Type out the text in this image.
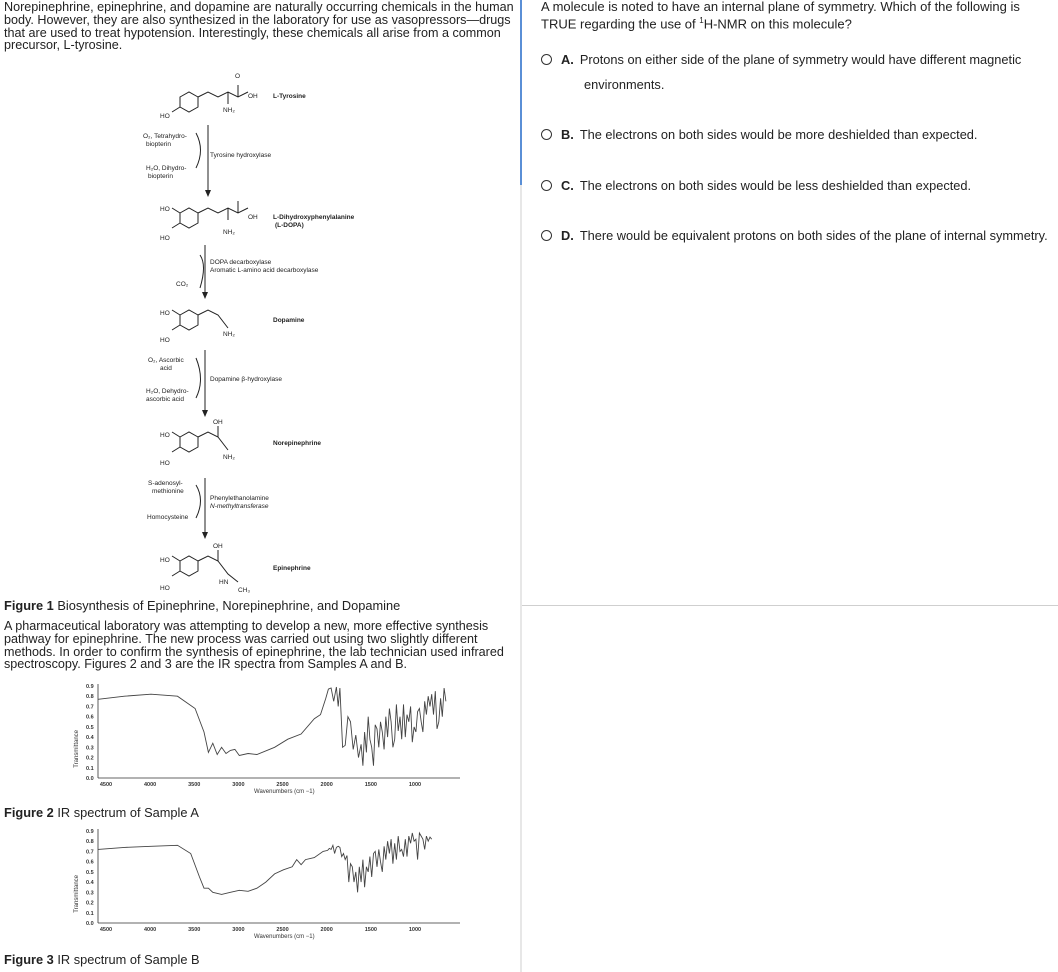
Norepinephrine, epinephrine, and dopamine are naturally occurring chemicals in the human body. However, they are also synthesized in the laboratory for use as vasopressors—drugs that are used to treat hypotension. Interestingly, these chemicals all arise from a common precursor, L-tyrosine.
O
OH
NH₂
HO
L-Tyrosine
O₂, Tetrahydro-
biopterin
Tyrosine hydroxylase
H₂O, Dihydro-
biopterin
HO
HO
OH
NH₂
L-Dihydroxyphenylalanine
(L-DOPA)
DOPA decarboxylase
Aromatic L-amino acid decarboxylase
CO₂
HO
HO
NH₂
Dopamine
O₂, Ascorbic
acid
Dopamine β-hydroxylase
H₂O, Dehydro-
ascorbic acid
OH
HO
HO
NH₂
Norepinephrine
S-adenosyl-
methionine
Phenylethanolamine
N-methyltransferase
Homocysteine
OH
HO
HO
HN
CH₃
Epinephrine
Figure 1 Biosynthesis of Epinephrine, Norepinephrine, and Dopamine
A pharmaceutical laboratory was attempting to develop a new, more effective synthesis pathway for epinephrine. The new process was carried out using two slightly different methods. In order to confirm the synthesis of epinephrine, the lab technician used infrared spectroscopy. Figures 2 and 3 are the IR spectra from Samples A and B.
0.9
0.8
0.7
0.6
0.5
0.4
0.3
0.2
0.1
0.0
4500	4000	3500	3000	2500	2000	1500	1000
Wavenumbers (cm −1)
Transmittance
Figure 2 IR spectrum of Sample A
0.9
0.8
0.7
0.6
0.5
0.4
0.3
0.2
0.1
0.0
4500	4000	3500	3000	2500	2000	1500	1000
Wavenumbers (cm −1)
Transmittance
Figure 3 IR spectrum of Sample B
A molecule is noted to have an internal plane of symmetry. Which of the following is TRUE regarding the use of $^1$H-NMR on this molecule?
A. Protons on either side of the plane of symmetry would have different magnetic
environments.
B. The electrons on both sides would be more deshielded than expected.
C. The electrons on both sides would be less deshielded than expected.
D. There would be equivalent protons on both sides of the plane of internal symmetry.
